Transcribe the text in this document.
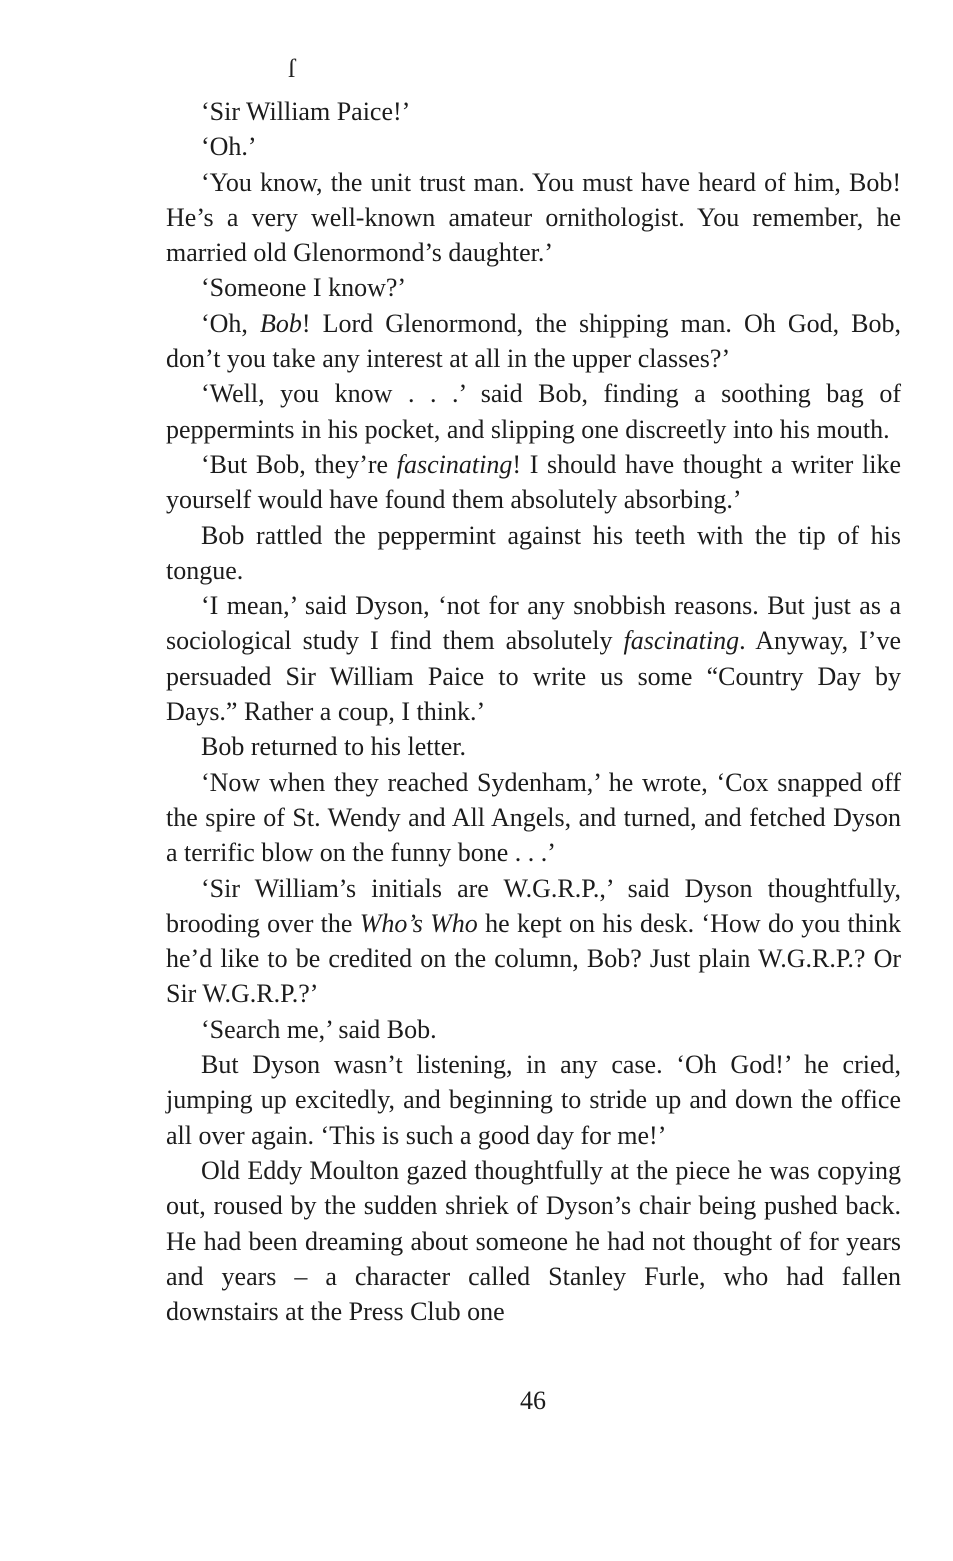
ſ

‘Sir William Paice!’

‘Oh.’

‘You know, the unit trust man. You must have heard of him, Bob! He’s a very well-known amateur ornithologist. You remember, he married old Glenormond’s daughter.’

‘Someone I know?’

‘Oh, Bob! Lord Glenormond, the shipping man. Oh God, Bob, don’t you take any interest at all in the upper classes?’

‘Well, you know . . .’ said Bob, finding a soothing bag of peppermints in his pocket, and slipping one discreetly into his mouth.

‘But Bob, they’re fascinating! I should have thought a writer like yourself would have found them absolutely absorbing.’

Bob rattled the peppermint against his teeth with the tip of his tongue.

‘I mean,’ said Dyson, ‘not for any snobbish reasons. But just as a sociological study I find them absolutely fascinating. Anyway, I’ve persuaded Sir William Paice to write us some “Country Day by Days.” Rather a coup, I think.’

Bob returned to his letter.

‘Now when they reached Sydenham,’ he wrote, ‘Cox snapped off the spire of St. Wendy and All Angels, and turned, and fetched Dyson a terrific blow on the funny bone . . .’

‘Sir William’s initials are W.G.R.P.,’ said Dyson thoughtfully, brooding over the Who’s Who he kept on his desk. ‘How do you think he’d like to be credited on the column, Bob? Just plain W.G.R.P.? Or Sir W.G.R.P.?’

‘Search me,’ said Bob.

But Dyson wasn’t listening, in any case. ‘Oh God!’ he cried, jumping up excitedly, and beginning to stride up and down the office all over again. ‘This is such a good day for me!’

Old Eddy Moulton gazed thoughtfully at the piece he was copying out, roused by the sudden shriek of Dyson’s chair being pushed back. He had been dreaming about someone he had not thought of for years and years – a character called Stanley Furle, who had fallen downstairs at the Press Club one

46
